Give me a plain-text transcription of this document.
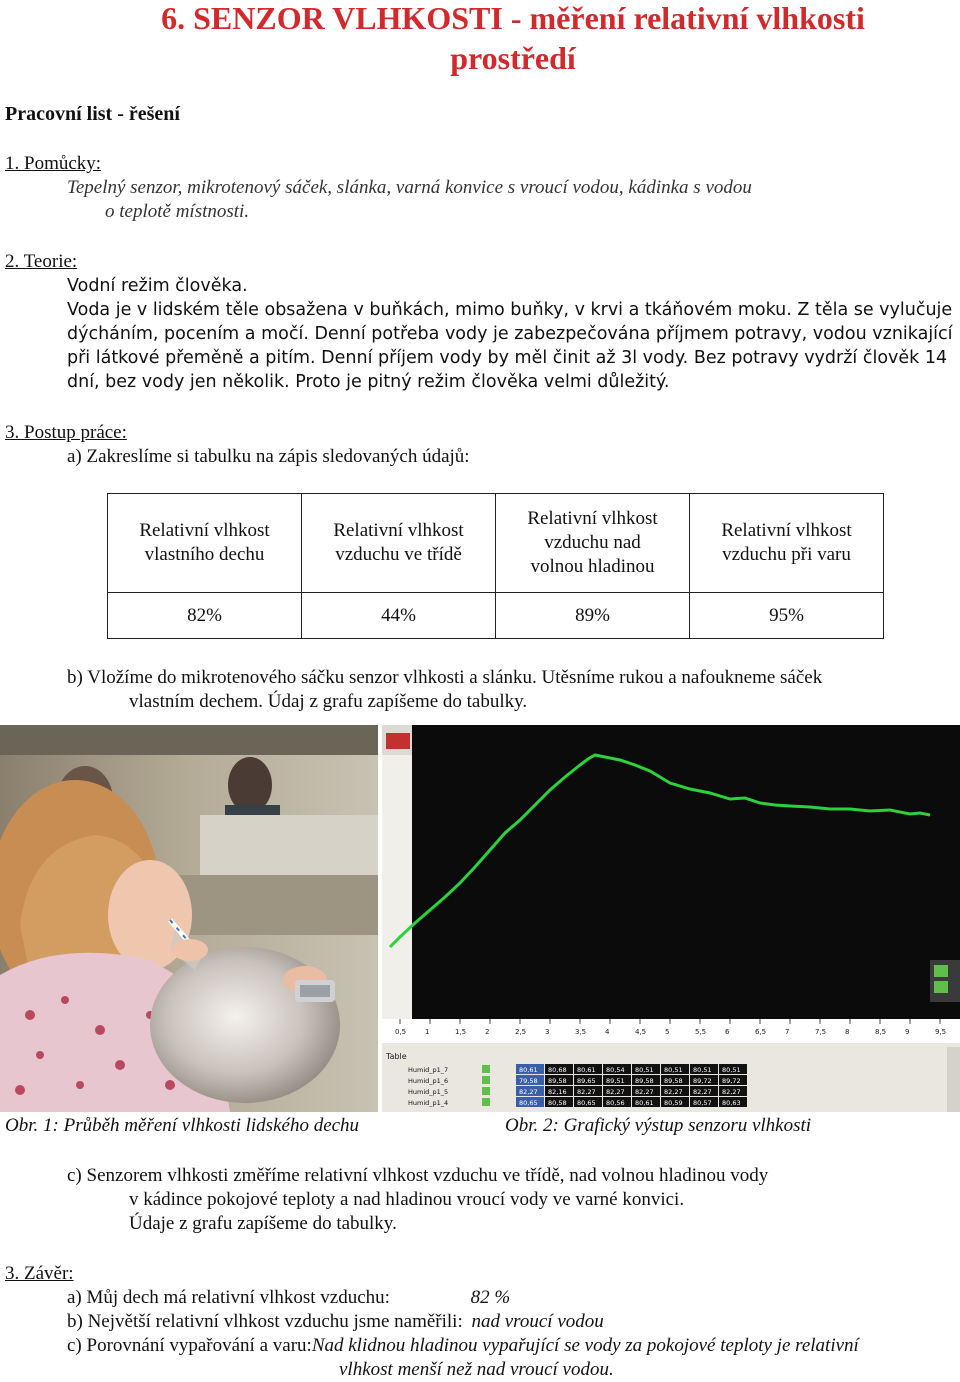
6. SENZOR VLHKOSTI - měření relativní vlhkosti
prostředí
Pracovní list - řešení
1. Pomůcky:
Tepelný senzor, mikrotenový sáček, slánka, varná konvice s vroucí vodou, kádinka s vodou
o teplotě místnosti.
2. Teorie:
Vodní režim člověka.
Voda je v lidském těle obsažena v buňkách, mimo buňky, v krvi a tkáňovém moku. Z těla se vylučuje
dýcháním, pocením a močí. Denní potřeba vody je zabezpečována příjmem potravy, vodou vznikající
při látkové přeměně a pitím. Denní příjem vody by měl činit až 3l vody. Bez potravy vydrží člověk 14
dní, bez vody jen několik. Proto je pitný režim člověka velmi důležitý.
3. Postup práce:
a) Zakreslíme si tabulku na zápis sledovaných údajů:
Relativní vlhkost
vlastního dechu	Relativní vlhkost
vzduchu ve třídě	Relativní vlhkost
vzduchu nad
volnou hladinou	Relativní vlhkost
vzduchu při varu
82%	44%	89%	95%
b) Vložíme do mikrotenového sáčku senzor vlhkosti a slánku. Utěsníme rukou a nafoukneme sáček
vlastním dechem. Údaj z grafu zapíšeme do tabulky.
0,5	1	1,5	2	2,5	3	3,5	4	4,5	5	5,5	6	6,5	7	7,5	8	8,5	9	9,5
Table
Humid_p1_7	80,61 80,68 80,61 80,54 80,51 80,51 80,51 80,51
Humid_p1_6	79,58 89,58 89,65 89,51 89,58 89,58 89,72 89,72
Humid_p1_5	82,27 82,16 82,27 82,27 82,27 82,27 82,27 82,27
Humid_p1_4	80,65 80,58 80,65 80,56 80,61 80,59 80,57 80,63
Obr. 1: Průběh měření vlhkosti lidského dechu	Obr. 2: Grafický výstup senzoru vlhkosti
c) Senzorem vlhkosti změříme relativní vlhkost vzduchu ve třídě, nad volnou hladinou vody
v kádince pokojové teploty a nad hladinou vroucí vody ve varné konvici.
Údaje z grafu zapíšeme do tabulky.
3. Závěr:
a) Můj dech má relativní vlhkost vzduchu:	82 %
b) Největší relativní vlhkost vzduchu jsme naměřili: nad vroucí vodou
c) Porovnání vypařování a varu:Nad klidnou hladinou vypařující se vody za pokojové teploty je relativní
vlhkost menší než nad vroucí vodou.
